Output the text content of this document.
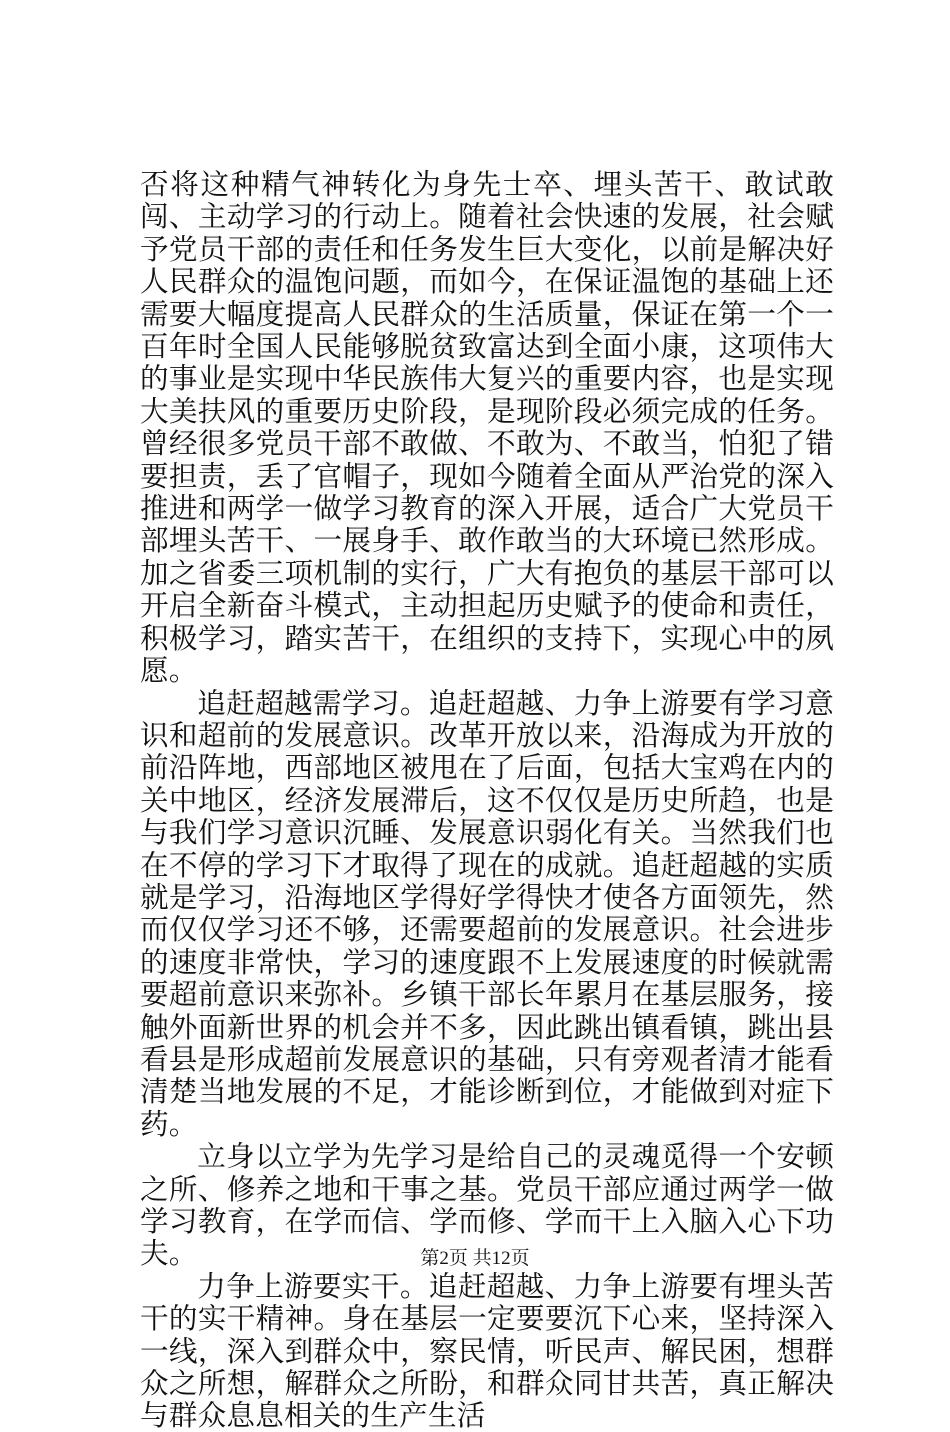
否将这种精气神转化为身先士卒、埋头苦干、敢试敢闯、主动学习的行动上。随着社会快速的发展，社会赋予党员干部的责任和任务发生巨大变化，以前是解决好人民群众的温饱问题，而如今，在保证温饱的基础上还需要大幅度提高人民群众的生活质量，保证在第一个一百年时全国人民能够脱贫致富达到全面小康，这项伟大的事业是实现中华民族伟大复兴的重要内容，也是实现大美扶风的重要历史阶段，是现阶段必须完成的任务。曾经很多党员干部不敢做、不敢为、不敢当，怕犯了错要担责，丢了官帽子，现如今随着全面从严治党的深入推进和两学一做学习教育的深入开展，适合广大党员干部埋头苦干、一展身手、敢作敢当的大环境已然形成。加之省委三项机制的实行，广大有抱负的基层干部可以开启全新奋斗模式，主动担起历史赋予的使命和责任，积极学习，踏实苦干，在组织的支持下，实现心中的夙愿。

追赶超越需学习。追赶超越、力争上游要有学习意识和超前的发展意识。改革开放以来，沿海成为开放的前沿阵地，西部地区被甩在了后面，包括大宝鸡在内的关中地区，经济发展滞后，这不仅仅是历史所趋，也是与我们学习意识沉睡、发展意识弱化有关。当然我们也在不停的学习下才取得了现在的成就。追赶超越的实质就是学习，沿海地区学得好学得快才使各方面领先，然而仅仅学习还不够，还需要超前的发展意识。社会进步的速度非常快，学习的速度跟不上发展速度的时候就需要超前意识来弥补。乡镇干部长年累月在基层服务，接触外面新世界的机会并不多，因此跳出镇看镇，跳出县看县是形成超前发展意识的基础，只有旁观者清才能看清楚当地发展的不足，才能诊断到位，才能做到对症下药。

立身以立学为先学习是给自己的灵魂觅得一个安顿之所、修养之地和干事之基。党员干部应通过两学一做学习教育，在学而信、学而修、学而干上入脑入心下功夫。

力争上游要实干。追赶超越、力争上游要有埋头苦干的实干精神。身在基层一定要要沉下心来，坚持深入一线，深入到群众中，察民情，听民声、解民困，想群众之所想，解群众之所盼，和群众同甘共苦，真正解决与群众息息相关的生产生活

第2页 共12页
